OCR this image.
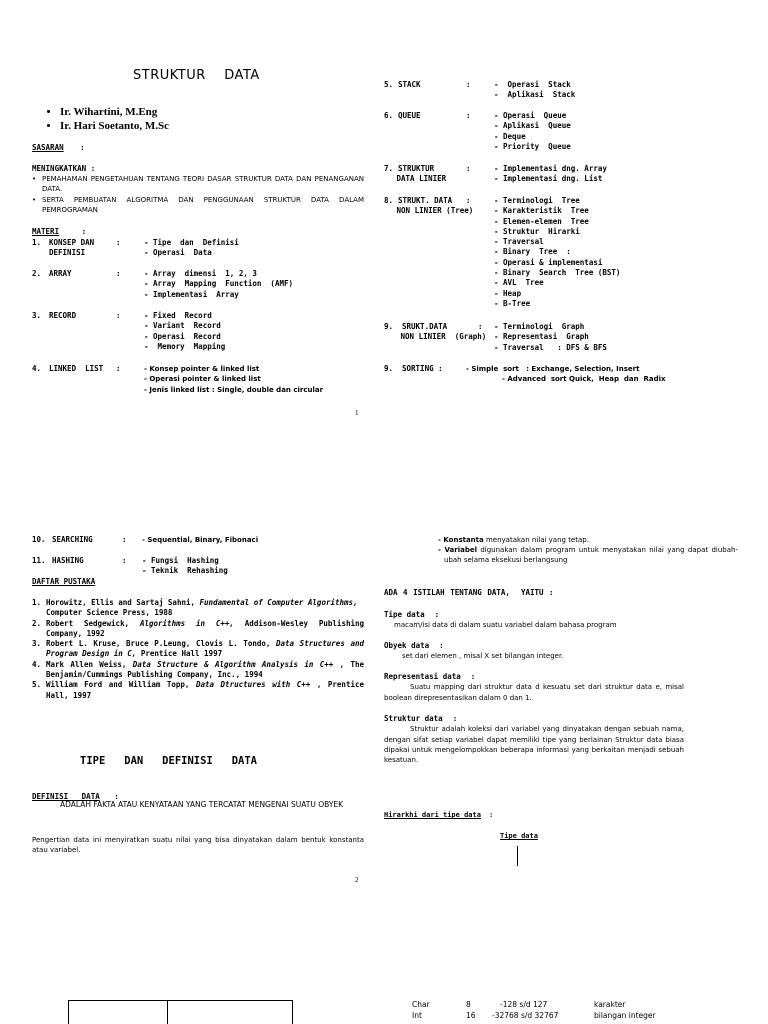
STRUKTUR    DATA
• Ir. Wihartini, M.Eng
• Ir. Hari Soetanto, M.Sc
SASARAN :
MENINGKATKAN :
• PEMAHAMAN PENGETAHUAN TENTANG TEORI DASAR STRUKTUR DATA DAN PENANGANAN DATA.
• SERTA PEMBUATAN ALGORITMA DAN PENGGUNAAN STRUKTUR DATA DALAM PEMROGRAMAN
MATERI	:
1. KONSEP DAN	:	- Tipe  dan  Definisi
DEFINISI	- Operasi  Data
2. ARRAY	:	- Array  dimensi  1, 2, 3
- Array  Mapping  Function  (AMF)
- Implementasi  Array
3. RECORD	:	- Fixed  Record
- Variant  Record
- Operasi  Record
-  Memory  Mapping
4. LINKED  LIST :	- Konsep pointer & linked list
- Operasi pointer & linked list
- Jenis linked list : Single, double dan circular
5. STACK	:	-  Operasi  Stack
-  Aplikasi  Stack
6. QUEUE	:	- Operasi  Queue
- Aplikasi  Queue
- Deque
- Priority  Queue
7. STRUKTUR	:	- Implementasi dng. Array
DATA LINIER	- Implementasi dng. List
8. STRUKT. DATA :
NON LINIER (Tree)
- Terminologi  Tree
- Karakteristik  Tree
- Elemen-elemen  Tree
- Struktur  Hirarki
- Traversal
- Binary  Tree  :
- Operasi & implementasi
- Binary  Search  Tree (BST)
- AVL  Tree
- Heap
- B-Tree
9. SRUKT.DATA	: - Terminologi  Graph
NON LINIER  (Graph) - Representasi  Graph
- Traversal   : DFS & BFS
9. SORTING :	- Simple  sort   : Exchange, Selection, Insert
- Advanced  sort Quick,  Heap  dan  Radix
1
10. SEARCHING	: - Sequential, Binary, Fibonaci
11. HASHING	: - Fungsi  Hashing
- Teknik  Rehashing
DAFTAR PUSTAKA
1. Horowitz, Ellis and Sartaj Sahni, Fundamental of Computer Algorithms,
Computer Science Press, 1988
2. Robert Sedgewick, Algorithms in C++, Addison-Wesley Publishing Company, 1992
3. Robert L. Kruse, Bruce P.Leung, Clovis L. Tondo, Data Structures and Program Design in C, Prentice Hall 1997
4. Mark Allen Weiss, Data Structure & Algorithm Analysis in C++ , The Benjamin/Cummings Publishing Company, Inc., 1994
5. William Ford and William Topp, Data Dtructures with C++ , Prentice Hall, 1997
TIPE   DAN   DEFINISI   DATA
DEFINISI   DATA :
ADALAH FAKTA ATAU KENYATAAN YANG TERCATAT MENGENAI SUATU OBYEK
Pengertian data ini menyiratkan suatu nilai yang bisa dinyatakan dalam bentuk konstanta atau variabel.
- Konstanta menyatakan nilai yang tetap.
- Variabel digunakan dalam program untuk menyatakan nilai yang dapat diubah-ubah selama eksekusi berlangsung
ADA 4 ISTILAH TENTANG DATA,  YAITU :
Tipe data :
macam/isi data di dalam suatu variabel dalam bahasa program
Obyek data :
set dari elemen , misal X set bilangan integer.
Representasi data :
Suatu mapping dari struktur data d kesuatu set dari struktur data e, misal boolean direpresentasikan dalam 0 dan 1.
Struktur data :
Struktur adalah koleksi dari variabel yang dinyatakan dengan sebuah nama, dengan sifat setiap variabel dapat memiliki tipe yang berlainan Struktur data biasa dipakai untuk mengelompokkan beberapa informasi yang berkaitan menjadi sebuah kesatuan.
Hirarkhi dari tipe data :
Tipe data
2
Char	8	-128 s/d 127	karakter
Int	16	-32768 s/d 32767	bilangan integer
